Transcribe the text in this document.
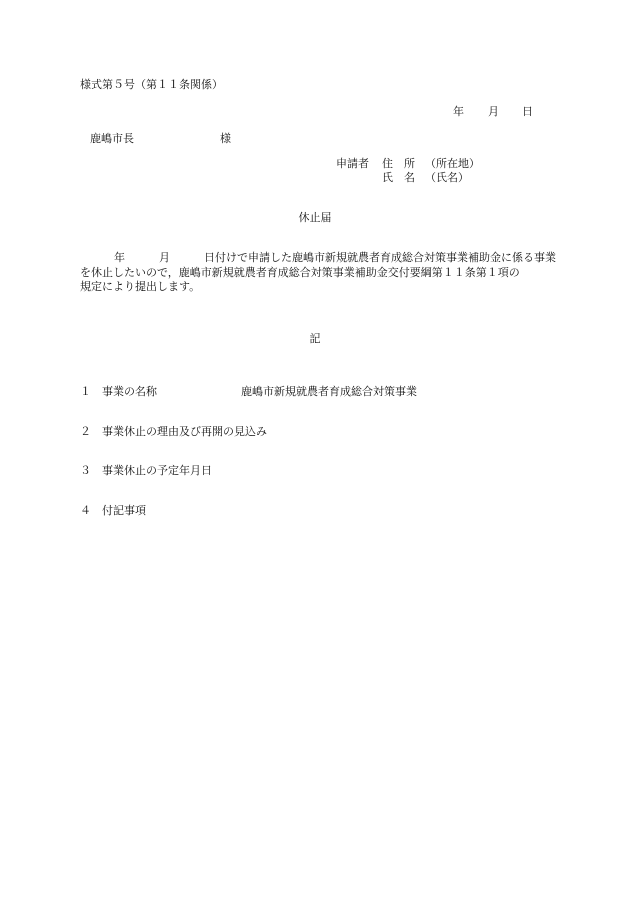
様式第５号（第１１条関係）
年 月 日
鹿嶋市長	様
申請者 住　所 （所在地）
氏　名 （氏名）
休止届
年	月	日付けで申請した鹿嶋市新規就農者育成総合対策事業補助金に係る事業
を休止したいので，鹿嶋市新規就農者育成総合対策事業補助金交付要綱第１１条第１項の
規定により提出します。
記
１ 事業の名称	鹿嶋市新規就農者育成総合対策事業
２ 事業休止の理由及び再開の見込み
３ 事業休止の予定年月日
４ 付記事項
